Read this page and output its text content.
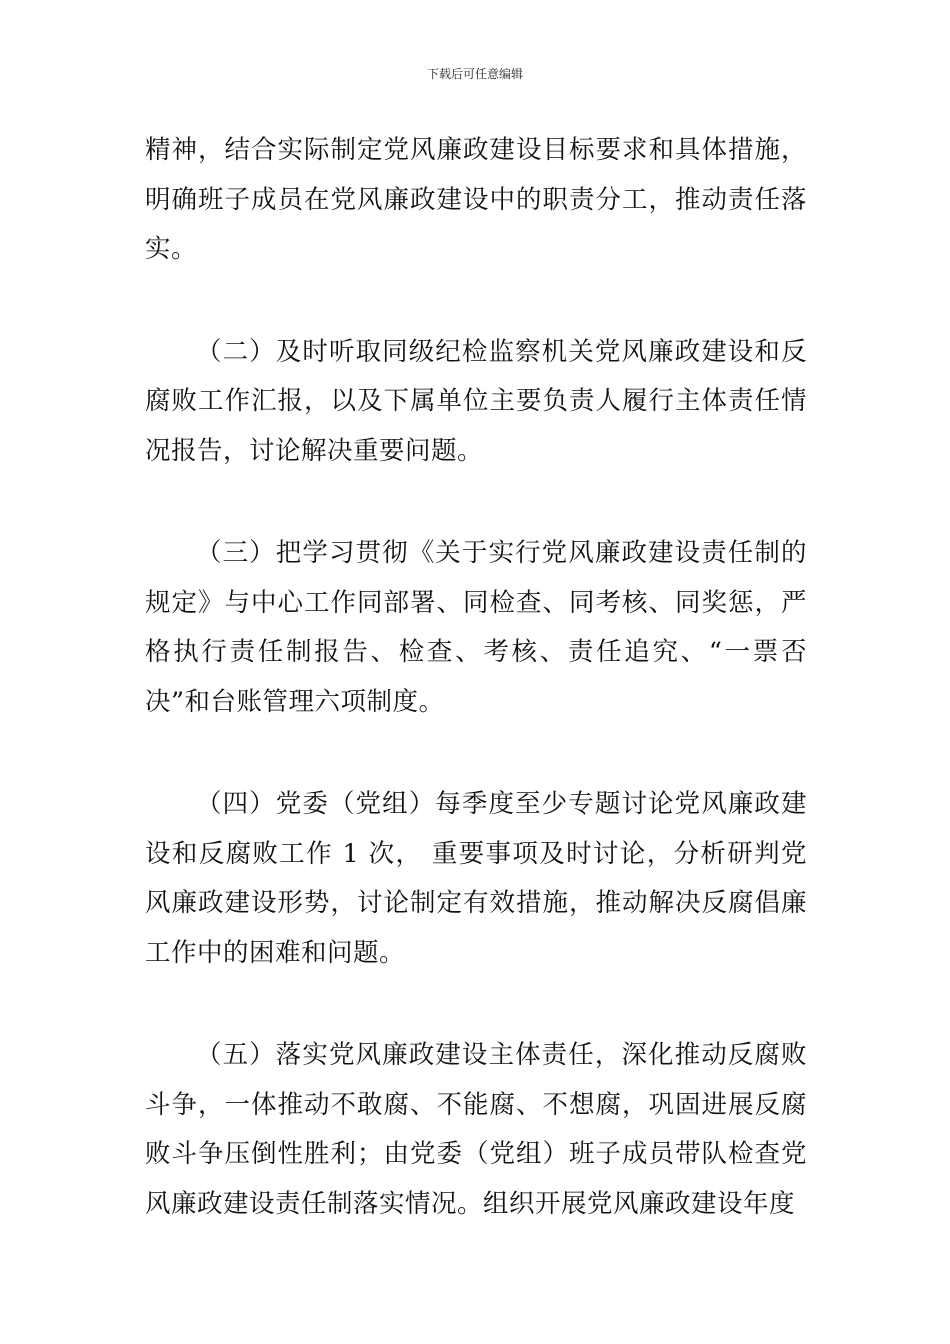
下载后可任意编辑

精神，结合实际制定党风廉政建设目标要求和具体措施，明确班子成员在党风廉政建设中的职责分工，推动责任落实。

（二）及时听取同级纪检监察机关党风廉政建设和反腐败工作汇报，以及下属单位主要负责人履行主体责任情况报告，讨论解决重要问题。

（三）把学习贯彻《关于实行党风廉政建设责任制的规定》与中心工作同部署、同检查、同考核、同奖惩，严格执行责任制报告、检查、考核、责任追究、“一票否决”和台账管理六项制度。

（四）党委（党组）每季度至少专题讨论党风廉政建设和反腐败工作 1 次， 重要事项及时讨论，分析研判党风廉政建设形势，讨论制定有效措施，推动解决反腐倡廉工作中的困难和问题。

（五）落实党风廉政建设主体责任，深化推动反腐败斗争，一体推动不敢腐、不能腐、不想腐，巩固进展反腐败斗争压倒性胜利；由党委（党组）班子成员带队检查党风廉政建设责任制落实情况。组织开展党风廉政建设年度
